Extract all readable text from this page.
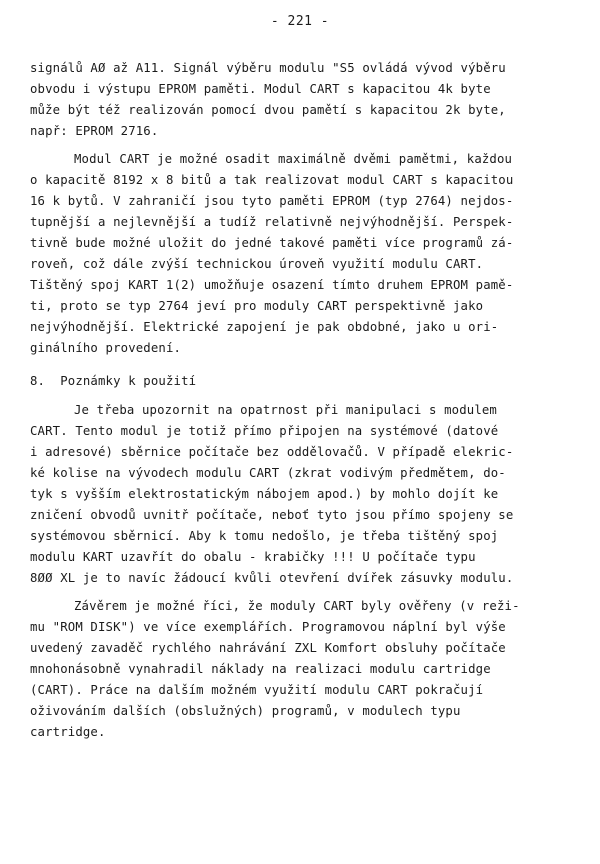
- 221 -
signálů AØ až A11. Signál výběru modulu "S5 ovládá vývod výběru
obvodu i výstupu EPROM paměti. Modul CART s kapacitou 4k byte
může být též realizován pomocí dvou pamětí s kapacitou 2k byte,
např: EPROM 2716.
Modul CART je možné osadit maximálně dvěmi pamětmi, každou
o kapacitě 8192 x 8 bitů a tak realizovat modul CART s kapacitou
16 k bytů. V zahraničí jsou tyto paměti EPROM (typ 2764) nejdos-
tupnější a nejlevnější a tudíž relativně nejvýhodnější. Perspek-
tivně bude možné uložit do jedné takové paměti více programů zá-
roveň, což dále zvýší technickou úroveň využití modulu CART.
Tištěný spoj KART 1(2) umožňuje osazení tímto druhem EPROM pamě-
ti, proto se typ 2764 jeví pro moduly CART perspektivně jako
nejvýhodnější. Elektrické zapojení je pak obdobné, jako u ori-
ginálního provedení.
8.  Poznámky k použití
Je třeba upozornit na opatrnost při manipulaci s modulem
CART. Tento modul je totiž přímo připojen na systémové (datové
i adresové) sběrnice počítače bez oddělovačů. V případě elekric-
ké kolise na vývodech modulu CART (zkrat vodivým předmětem, do-
tyk s vyšším elektrostatickým nábojem apod.) by mohlo dojít ke
zničení obvodů uvnitř počítače, neboť tyto jsou přímo spojeny se
systémovou sběrnicí. Aby k tomu nedošlo, je třeba tištěný spoj
modulu KART uzavřít do obalu - krabičky !!! U počítače typu
8ØØ XL je to navíc žádoucí kvůli otevření dvířek zásuvky modulu.
Závěrem je možné říci, že moduly CART byly ověřeny (v reži-
mu "ROM DISK") ve více exemplářích. Programovou náplní byl výše
uvedený zavaděč rychlého nahrávání ZXL Komfort obsluhy počítače
mnohonásobně vynahradil náklady na realizaci modulu cartridge
(CART). Práce na dalším možném využití modulu CART pokračují
oživováním dalších (obslužných) programů, v modulech typu
cartridge.
